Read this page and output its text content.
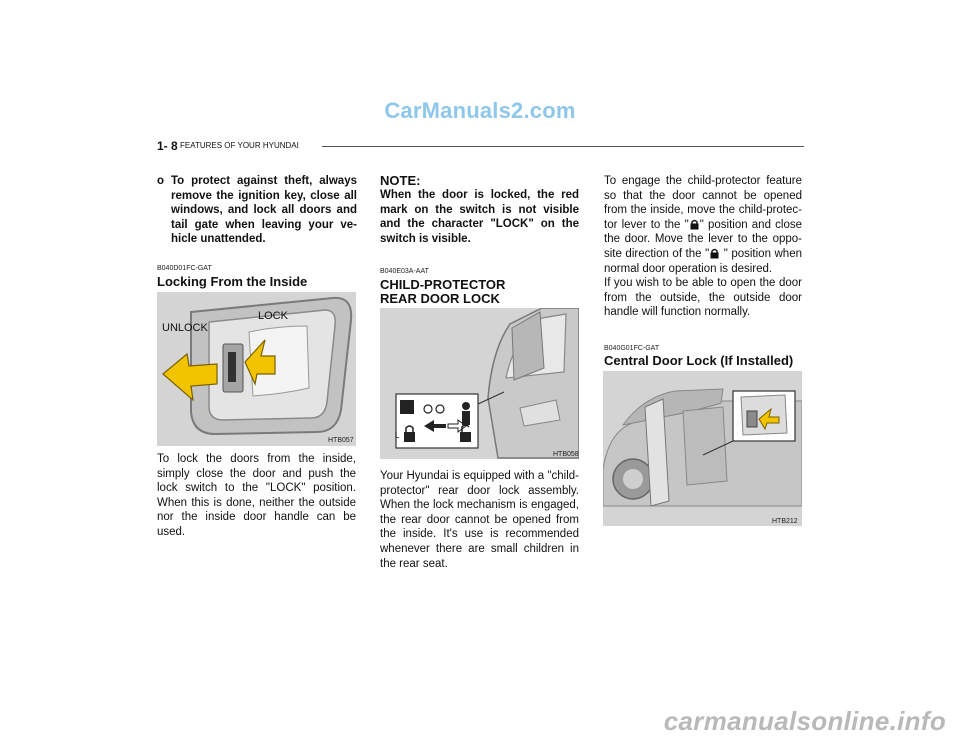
CarManuals2.com
carmanualsonline.info
1- 8 FEATURES OF YOUR HYUNDAI
o To protect against theft, always remove the ignition key, close all windows, and lock all doors and tail gate when leaving your ve- hicle unattended.
B040D01FC-GAT
Locking From the Inside
LOCK
UNLOCK
HTB057
To lock the doors from the inside, simply close the door and push the lock switch to the "LOCK" position. When this is done, neither the outside nor the inside door handle can be used.
NOTE:
When the door is locked, the red mark on the switch is not visible and the character "LOCK" on the switch is visible.
B040E03A-AAT
CHILD-PROTECTOR
REAR DOOR LOCK
L
HTB058
Your Hyundai is equipped with a "child-protector" rear door lock assembly. When the lock mechanism is engaged, the rear door cannot be opened from the inside. It's use is recommended whenever there are small children in the rear seat.
To engage the child-protector feature so that the door cannot be opened from the inside, move the child-protec- tor lever to the " " position and close the door. Move the lever to the oppo- site direction of the " " position when normal door operation is desired.
If you wish to be able to open the door from the outside, the outside door handle will function normally.
B040G01FC-GAT
Central Door Lock (If Installed)
HTB212
